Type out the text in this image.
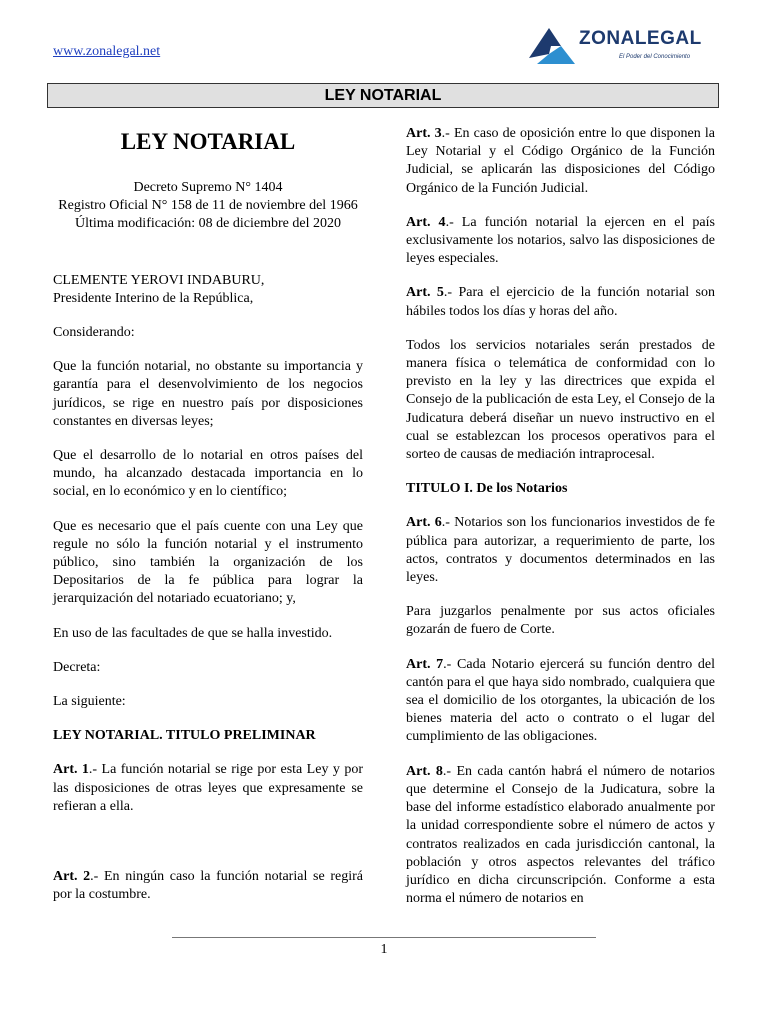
www.zonalegal.net
ZONALEGAL
El Poder del Conocimiento
LEY NOTARIAL
LEY NOTARIAL
Decreto Supremo N° 1404
Registro Oficial N° 158 de 11 de noviembre del 1966
Última modificación: 08 de diciembre del 2020

CLEMENTE YEROVI INDABURU,
Presidente Interino de la República,

Considerando:

Que la función notarial, no obstante su importancia y garantía para el desenvolvimiento de los negocios jurídicos, se rige en nuestro país por disposiciones constantes en diversas leyes;

Que el desarrollo de lo notarial en otros países del mundo, ha alcanzado destacada importancia en lo social, en lo económico y en lo científico;

Que es necesario que el país cuente con una Ley que regule no sólo la función notarial y el instrumento público, sino también la organización de los Depositarios de la fe pública para lograr la jerarquización del notariado ecuatoriano; y,

En uso de las facultades de que se halla investido.

Decreta:

La siguiente:

LEY NOTARIAL. TITULO PRELIMINAR

Art. 1.- La función notarial se rige por esta Ley y por las disposiciones de otras leyes que expresamente se refieran a ella.

Art. 2.- En ningún caso la función notarial se regirá por la costumbre.

Art. 3.- En caso de oposición entre lo que disponen la Ley Notarial y el Código Orgánico de la Función Judicial, se aplicarán las disposiciones del Código Orgánico de la Función Judicial.

Art. 4.- La función notarial la ejercen en el país exclusivamente los notarios, salvo las disposiciones de leyes especiales.

Art. 5.- Para el ejercicio de la función notarial son hábiles todos los días y horas del año.

Todos los servicios notariales serán prestados de manera física o telemática de conformidad con lo previsto en la ley y las directrices que expida el Consejo de la publicación de esta Ley, el Consejo de la Judicatura deberá diseñar un nuevo instructivo en el cual se establezcan los procesos operativos para el sorteo de causas de mediación intraprocesal.

TITULO I. De los Notarios

Art. 6.- Notarios son los funcionarios investidos de fe pública para autorizar, a requerimiento de parte, los actos, contratos y documentos determinados en las leyes.

Para juzgarlos penalmente por sus actos oficiales gozarán de fuero de Corte.

Art. 7.- Cada Notario ejercerá su función dentro del cantón para el que haya sido nombrado, cualquiera que sea el domicilio de los otorgantes, la ubicación de los bienes materia del acto o contrato o el lugar del cumplimiento de las obligaciones.

Art. 8.- En cada cantón habrá el número de notarios que determine el Consejo de la Judicatura, sobre la base del informe estadístico elaborado anualmente por la unidad correspondiente sobre el número de actos y contratos realizados en cada jurisdicción cantonal, la población y otros aspectos relevantes del tráfico jurídico en dicha circunscripción. Conforme a esta norma el número de notarios en

1
